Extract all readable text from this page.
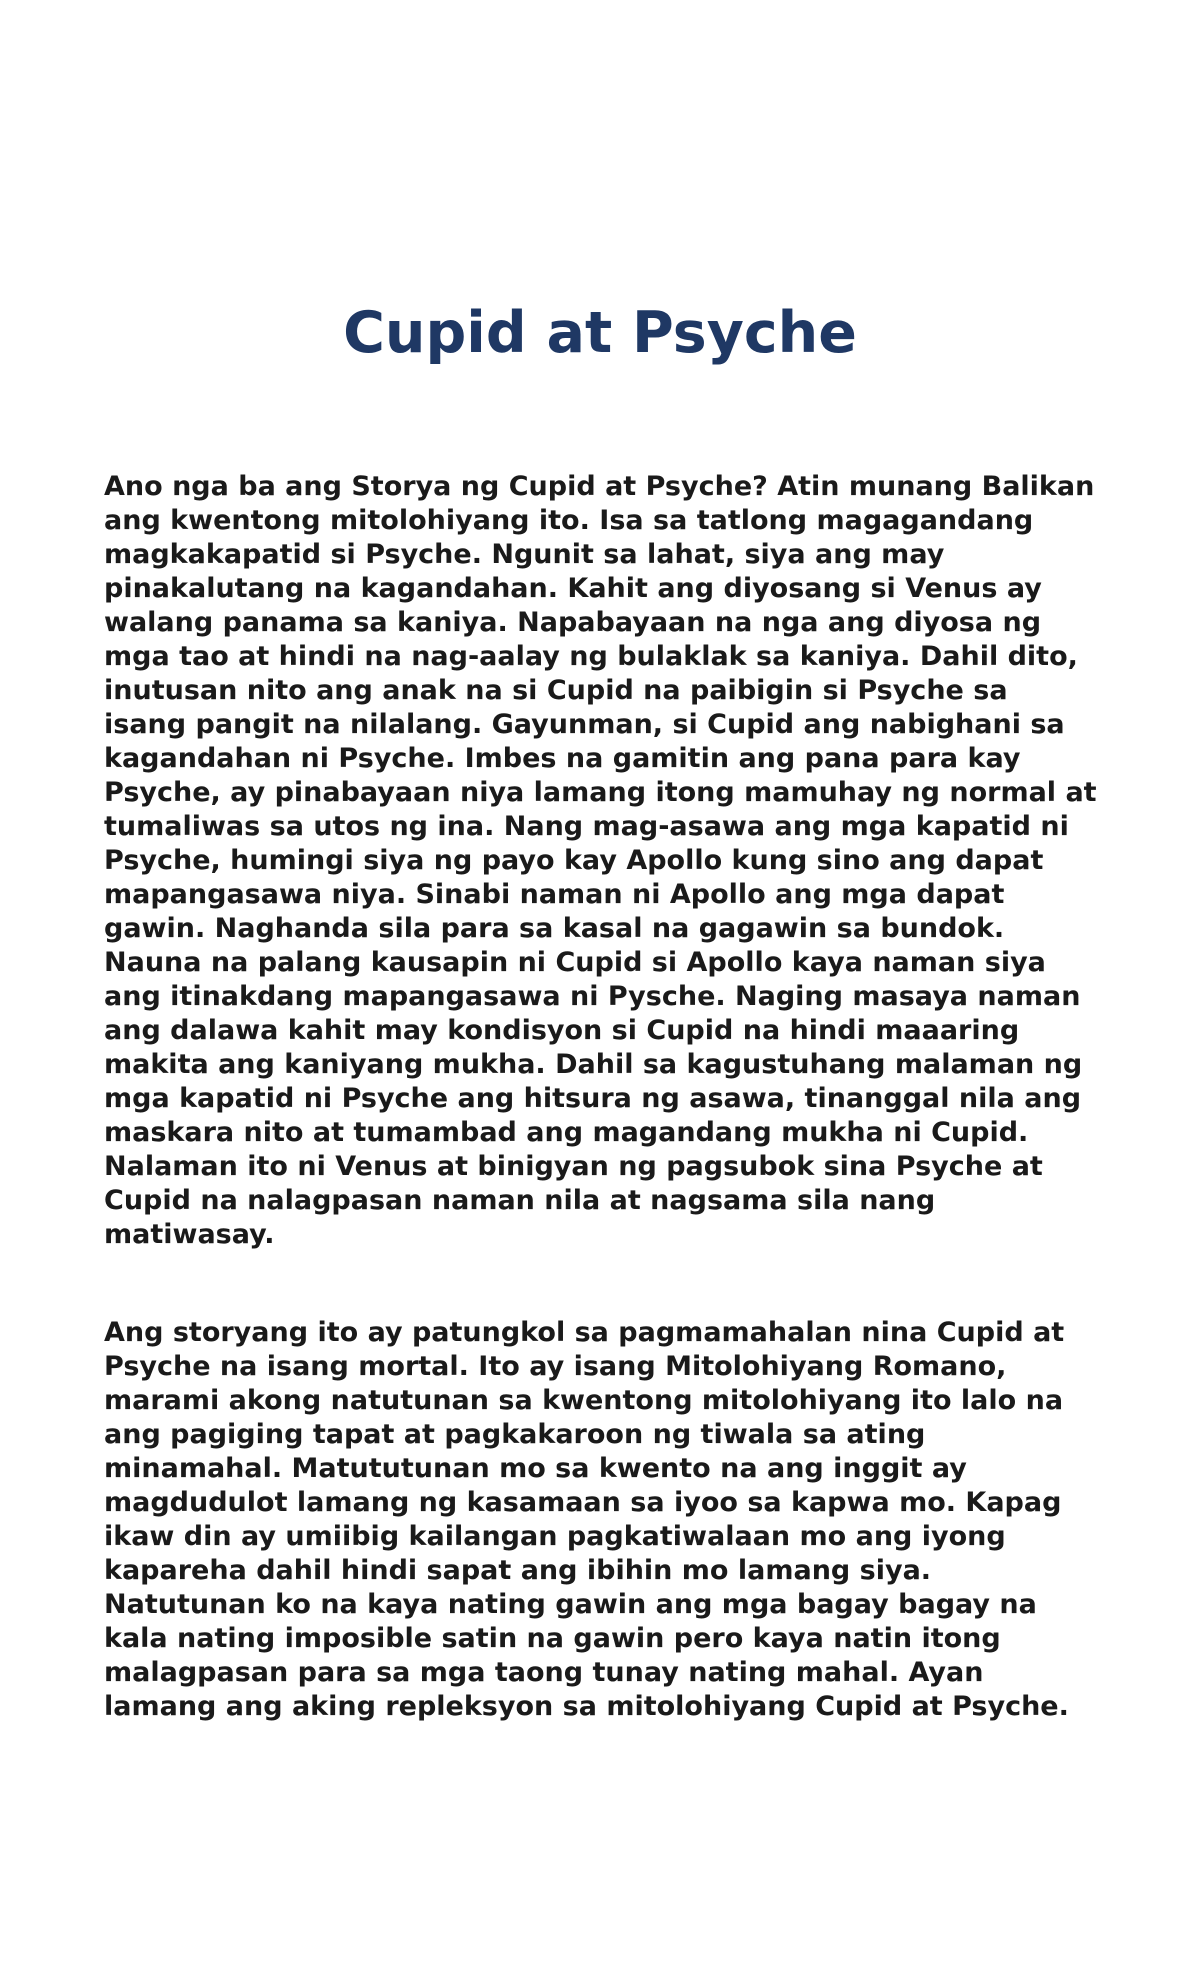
Cupid at Psyche
Ano nga ba ang Storya ng Cupid at Psyche? Atin munang Balikan
ang kwentong mitolohiyang ito. Isa sa tatlong magagandang
magkakapatid si Psyche. Ngunit sa lahat, siya ang may
pinakalutang na kagandahan. Kahit ang diyosang si Venus ay
walang panama sa kaniya. Napabayaan na nga ang diyosa ng
mga tao at hindi na nag-aalay ng bulaklak sa kaniya. Dahil dito,
inutusan nito ang anak na si Cupid na paibigin si Psyche sa
isang pangit na nilalang. Gayunman, si Cupid ang nabighani sa
kagandahan ni Psyche. Imbes na gamitin ang pana para kay
Psyche, ay pinabayaan niya lamang itong mamuhay ng normal at
tumaliwas sa utos ng ina. Nang mag-asawa ang mga kapatid ni
Psyche, humingi siya ng payo kay Apollo kung sino ang dapat
mapangasawa niya. Sinabi naman ni Apollo ang mga dapat
gawin. Naghanda sila para sa kasal na gagawin sa bundok.
Nauna na palang kausapin ni Cupid si Apollo kaya naman siya
ang itinakdang mapangasawa ni Pysche. Naging masaya naman
ang dalawa kahit may kondisyon si Cupid na hindi maaaring
makita ang kaniyang mukha. Dahil sa kagustuhang malaman ng
mga kapatid ni Psyche ang hitsura ng asawa, tinanggal nila ang
maskara nito at tumambad ang magandang mukha ni Cupid.
Nalaman ito ni Venus at binigyan ng pagsubok sina Psyche at
Cupid na nalagpasan naman nila at nagsama sila nang
matiwasay.
Ang storyang ito ay patungkol sa pagmamahalan nina Cupid at
Psyche na isang mortal. Ito ay isang Mitolohiyang Romano,
marami akong natutunan sa kwentong mitolohiyang ito lalo na
ang pagiging tapat at pagkakaroon ng tiwala sa ating
minamahal. Matututunan mo sa kwento na ang inggit ay
magdudulot lamang ng kasamaan sa iyoo sa kapwa mo. Kapag
ikaw din ay umiibig kailangan pagkatiwalaan mo ang iyong
kapareha dahil hindi sapat ang ibihin mo lamang siya.
Natutunan ko na kaya nating gawin ang mga bagay bagay na
kala nating imposible satin na gawin pero kaya natin itong
malagpasan para sa mga taong tunay nating mahal. Ayan
lamang ang aking repleksyon sa mitolohiyang Cupid at Psyche.
